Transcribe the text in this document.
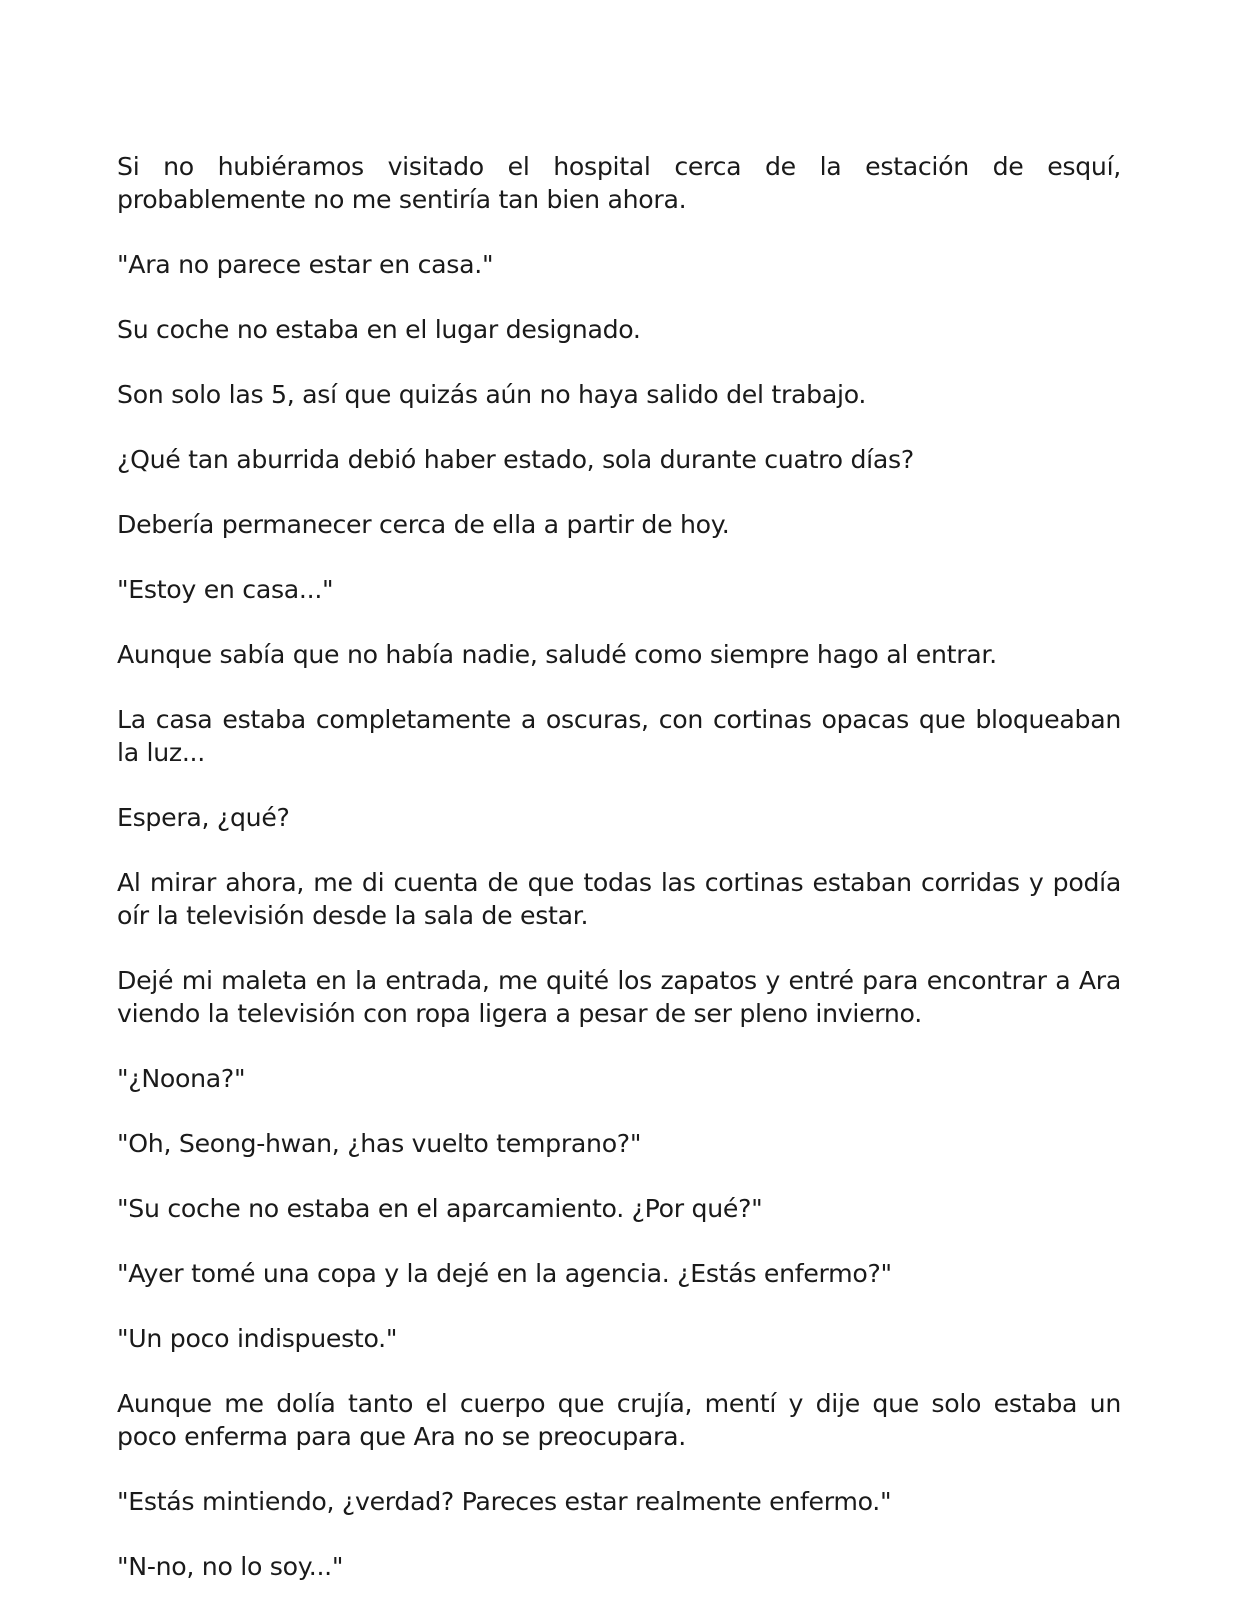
Si no hubiéramos visitado el hospital cerca de la estación de esquí, probablemente no me sentiría tan bien ahora.

"Ara no parece estar en casa."

Su coche no estaba en el lugar designado.

Son solo las 5, así que quizás aún no haya salido del trabajo.

¿Qué tan aburrida debió haber estado, sola durante cuatro días?

Debería permanecer cerca de ella a partir de hoy.

"Estoy en casa..."

Aunque sabía que no había nadie, saludé como siempre hago al entrar.

La casa estaba completamente a oscuras, con cortinas opacas que bloqueaban la luz...

Espera, ¿qué?

Al mirar ahora, me di cuenta de que todas las cortinas estaban corridas y podía oír la televisión desde la sala de estar.

Dejé mi maleta en la entrada, me quité los zapatos y entré para encontrar a Ara viendo la televisión con ropa ligera a pesar de ser pleno invierno.

"¿Noona?"

"Oh, Seong-hwan, ¿has vuelto temprano?"

"Su coche no estaba en el aparcamiento. ¿Por qué?"

"Ayer tomé una copa y la dejé en la agencia. ¿Estás enfermo?"

"Un poco indispuesto."

Aunque me dolía tanto el cuerpo que crujía, mentí y dije que solo estaba un poco enferma para que Ara no se preocupara.

"Estás mintiendo, ¿verdad? Pareces estar realmente enfermo."

"N-no, no lo soy..."
